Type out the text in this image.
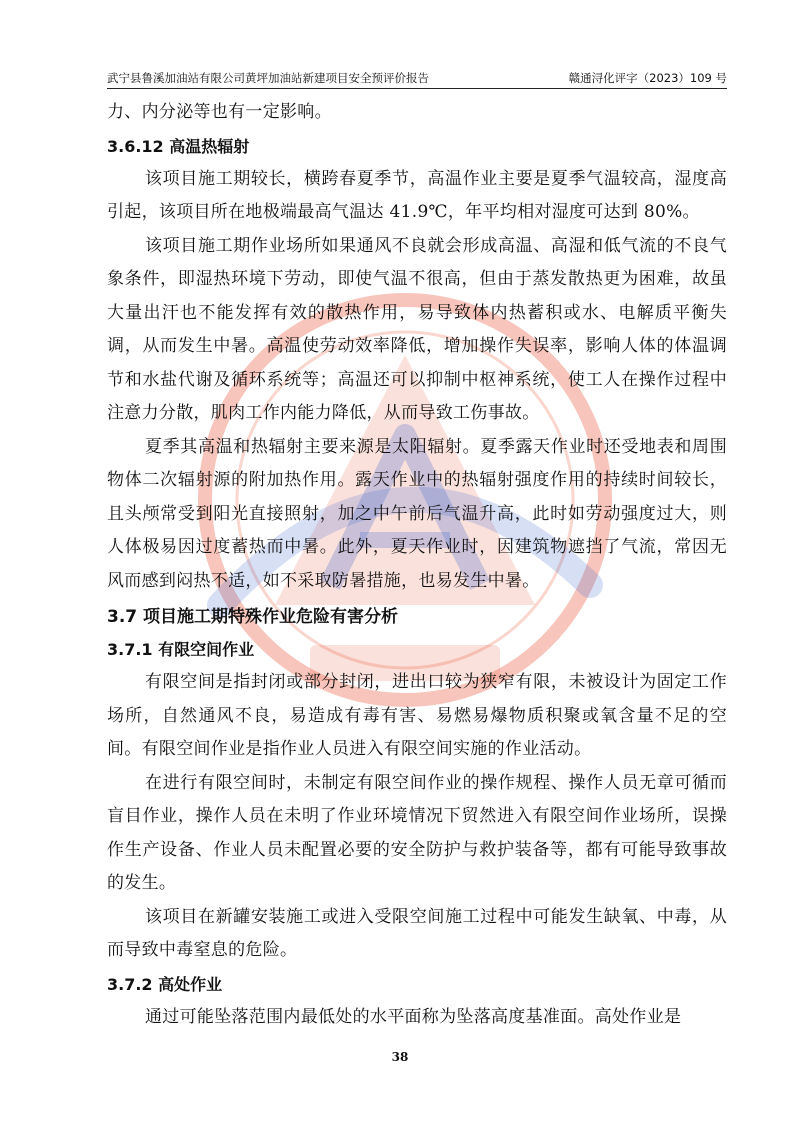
武宁县鲁溪加油站有限公司黄坪加油站新建项目安全预评价报告	赣通浔化评字（2023）109 号

力、内分泌等也有一定影响。

3.6.12 高温热辐射

该项目施工期较长，横跨春夏季节，高温作业主要是夏季气温较高，湿度高引起，该项目所在地极端最高气温达 41.9℃，年平均相对湿度可达到 80%。

该项目施工期作业场所如果通风不良就会形成高温、高湿和低气流的不良气象条件，即湿热环境下劳动，即使气温不很高，但由于蒸发散热更为困难，故虽大量出汗也不能发挥有效的散热作用，易导致体内热蓄积或水、电解质平衡失调，从而发生中暑。高温使劳动效率降低，增加操作失误率，影响人体的体温调节和水盐代谢及循环系统等；高温还可以抑制中枢神系统，使工人在操作过程中注意力分散，肌肉工作内能力降低，从而导致工伤事故。

夏季其高温和热辐射主要来源是太阳辐射。夏季露天作业时还受地表和周围物体二次辐射源的附加热作用。露天作业中的热辐射强度作用的持续时间较长，且头颅常受到阳光直接照射，加之中午前后气温升高，此时如劳动强度过大，则人体极易因过度蓄热而中暑。此外，夏天作业时，因建筑物遮挡了气流，常因无风而感到闷热不适，如不采取防暑措施，也易发生中暑。

3.7 项目施工期特殊作业危险有害分析
3.7.1 有限空间作业

有限空间是指封闭或部分封闭，进出口较为狭窄有限，未被设计为固定工作场所，自然通风不良，易造成有毒有害、易燃易爆物质积聚或氧含量不足的空间。有限空间作业是指作业人员进入有限空间实施的作业活动。

在进行有限空间时，未制定有限空间作业的操作规程、操作人员无章可循而盲目作业，操作人员在未明了作业环境情况下贸然进入有限空间作业场所，误操作生产设备、作业人员未配置必要的安全防护与救护装备等，都有可能导致事故的发生。

该项目在新罐安装施工或进入受限空间施工过程中可能发生缺氧、中毒，从而导致中毒窒息的危险。

3.7.2 高处作业

通过可能坠落范围内最低处的水平面称为坠落高度基准面。高处作业是

38
